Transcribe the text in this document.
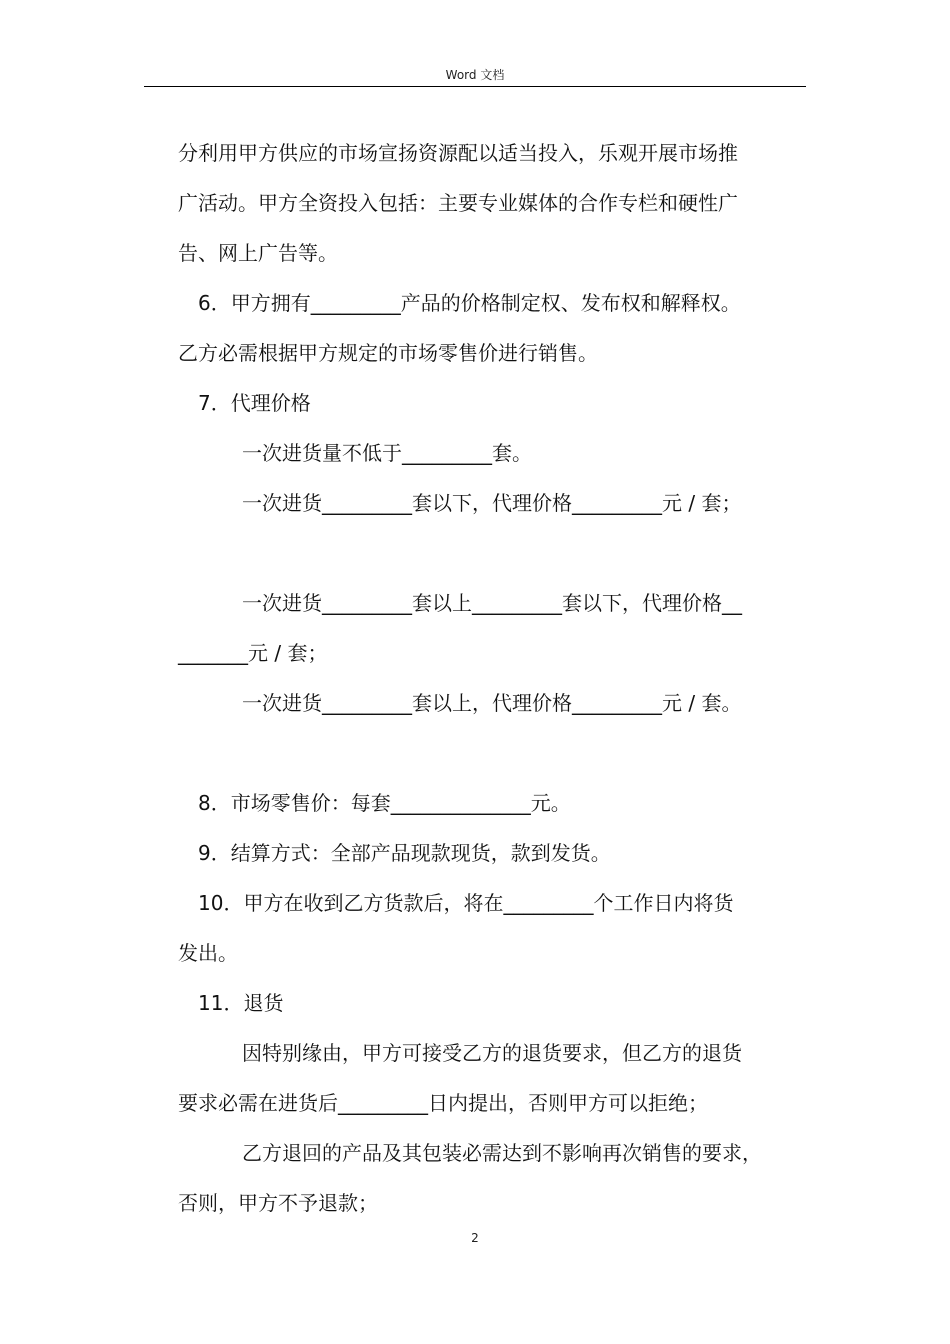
Word 文档
分利用甲方供应的市场宣扬资源配以适当投入，乐观开展市场推
广活动。甲方全资投入包括：主要专业媒体的合作专栏和硬性广
告、网上广告等。
6．甲方拥有_________产品的价格制定权、发布权和解释权。
乙方必需根据甲方规定的市场零售价进行销售。
7．代理价格
一次进货量不低于_________套。
一次进货_________套以下，代理价格_________元 / 套；
一次进货_________套以上_________套以下，代理价格__
_______元 / 套；
一次进货_________套以上，代理价格_________元 / 套。
8．市场零售价：每套______________元。
9．结算方式：全部产品现款现货，款到发货。
10．甲方在收到乙方货款后，将在_________个工作日内将货
发出。
11．退货
因特别缘由，甲方可接受乙方的退货要求，但乙方的退货
要求必需在进货后_________日内提出，否则甲方可以拒绝；
乙方退回的产品及其包装必需达到不影响再次销售的要求，
否则，甲方不予退款；
2
